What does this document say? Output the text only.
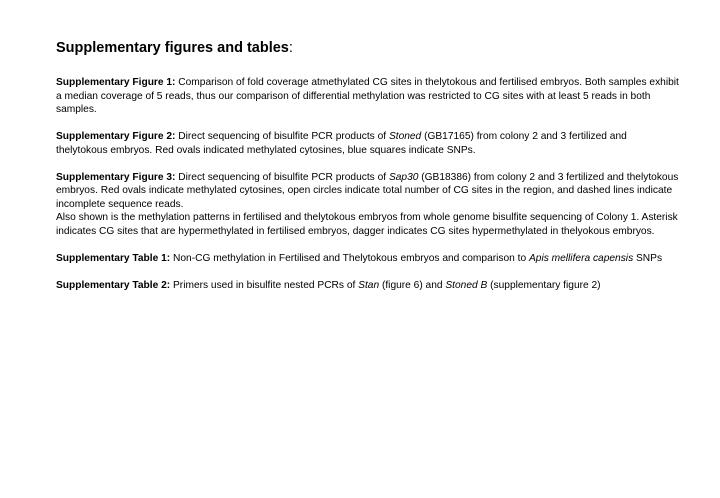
Supplementary figures and tables:

Supplementary Figure 1: Comparison of fold coverage atmethylated CG sites in thelytokous and fertilised embryos. Both samples exhibit a median coverage of 5 reads, thus our comparison of differential methylation was restricted to CG sites with at least 5 reads in both samples.

Supplementary Figure 2: Direct sequencing of bisulfite PCR products of Stoned (GB17165) from colony 2 and 3 fertilized and thelytokous embryos. Red ovals indicated methylated cytosines, blue squares indicate SNPs.

Supplementary Figure 3: Direct sequencing of bisulfite PCR products of Sap30 (GB18386) from colony 2 and 3 fertilized and thelytokous embryos. Red ovals indicate methylated cytosines, open circles indicate total number of CG sites in the region, and dashed lines indicate incomplete sequence reads.

Also shown is the methylation patterns in fertilised and thelytokous embryos from whole genome bisulfite sequencing of Colony 1. Asterisk indicates CG sites that are hypermethylated in fertilised embryos, dagger indicates CG sites hypermethylated in thelyokous embryos.

Supplementary Table 1: Non-CG methylation in Fertilised and Thelytokous embryos and comparison to Apis mellifera capensis SNPs

Supplementary Table 2: Primers used in bisulfite nested PCRs of Stan (figure 6) and Stoned B (supplementary figure 2)
